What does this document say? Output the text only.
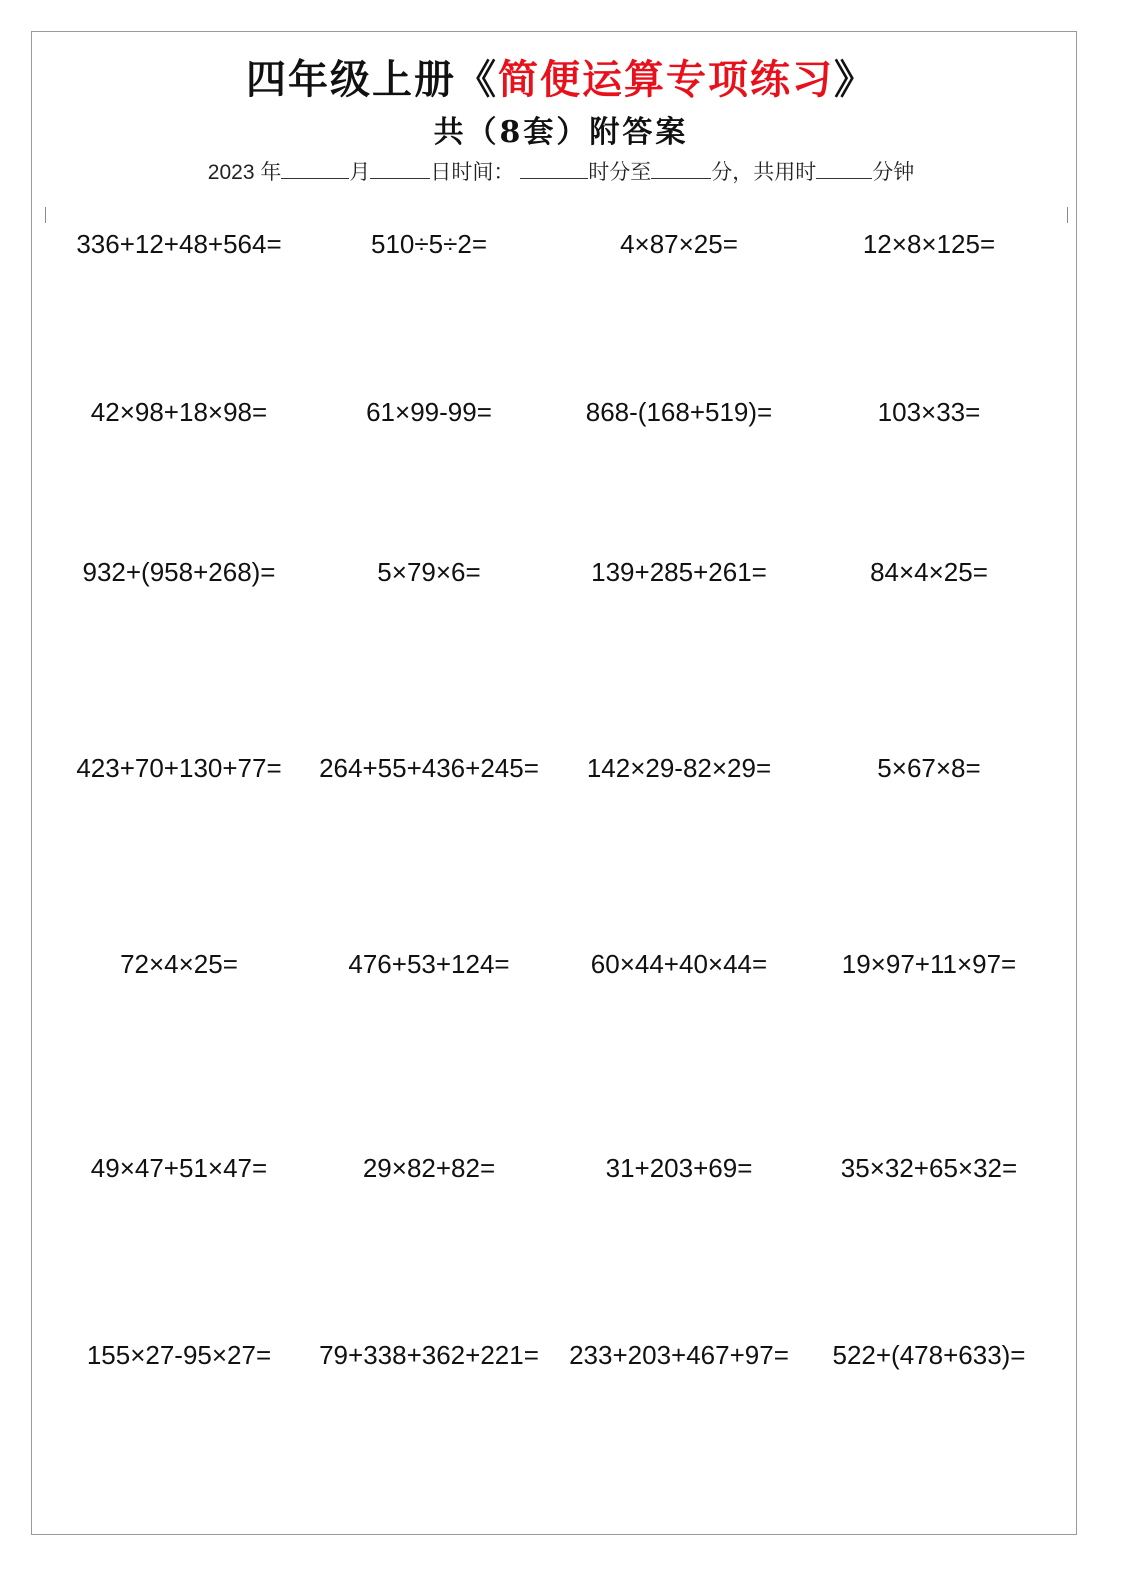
四年级上册《简便运算专项练习》
共（8套）附答案
2023 年	月	日时间：	时分至	分，共用时	分钟
336+12+48+564=	510÷5÷2=	4×87×25=	12×8×125=
42×98+18×98=	61×99-99=	868-(168+519)=	103×33=
932+(958+268)=	5×79×6=	139+285+261=	84×4×25=
423+70+130+77=	264+55+436+245=	142×29-82×29=	5×67×8=
72×4×25=	476+53+124=	60×44+40×44=	19×97+11×97=
49×47+51×47=	29×82+82=	31+203+69=	35×32+65×32=
155×27-95×27=	79+338+362+221=	233+203+467+97=	522+(478+633)=
